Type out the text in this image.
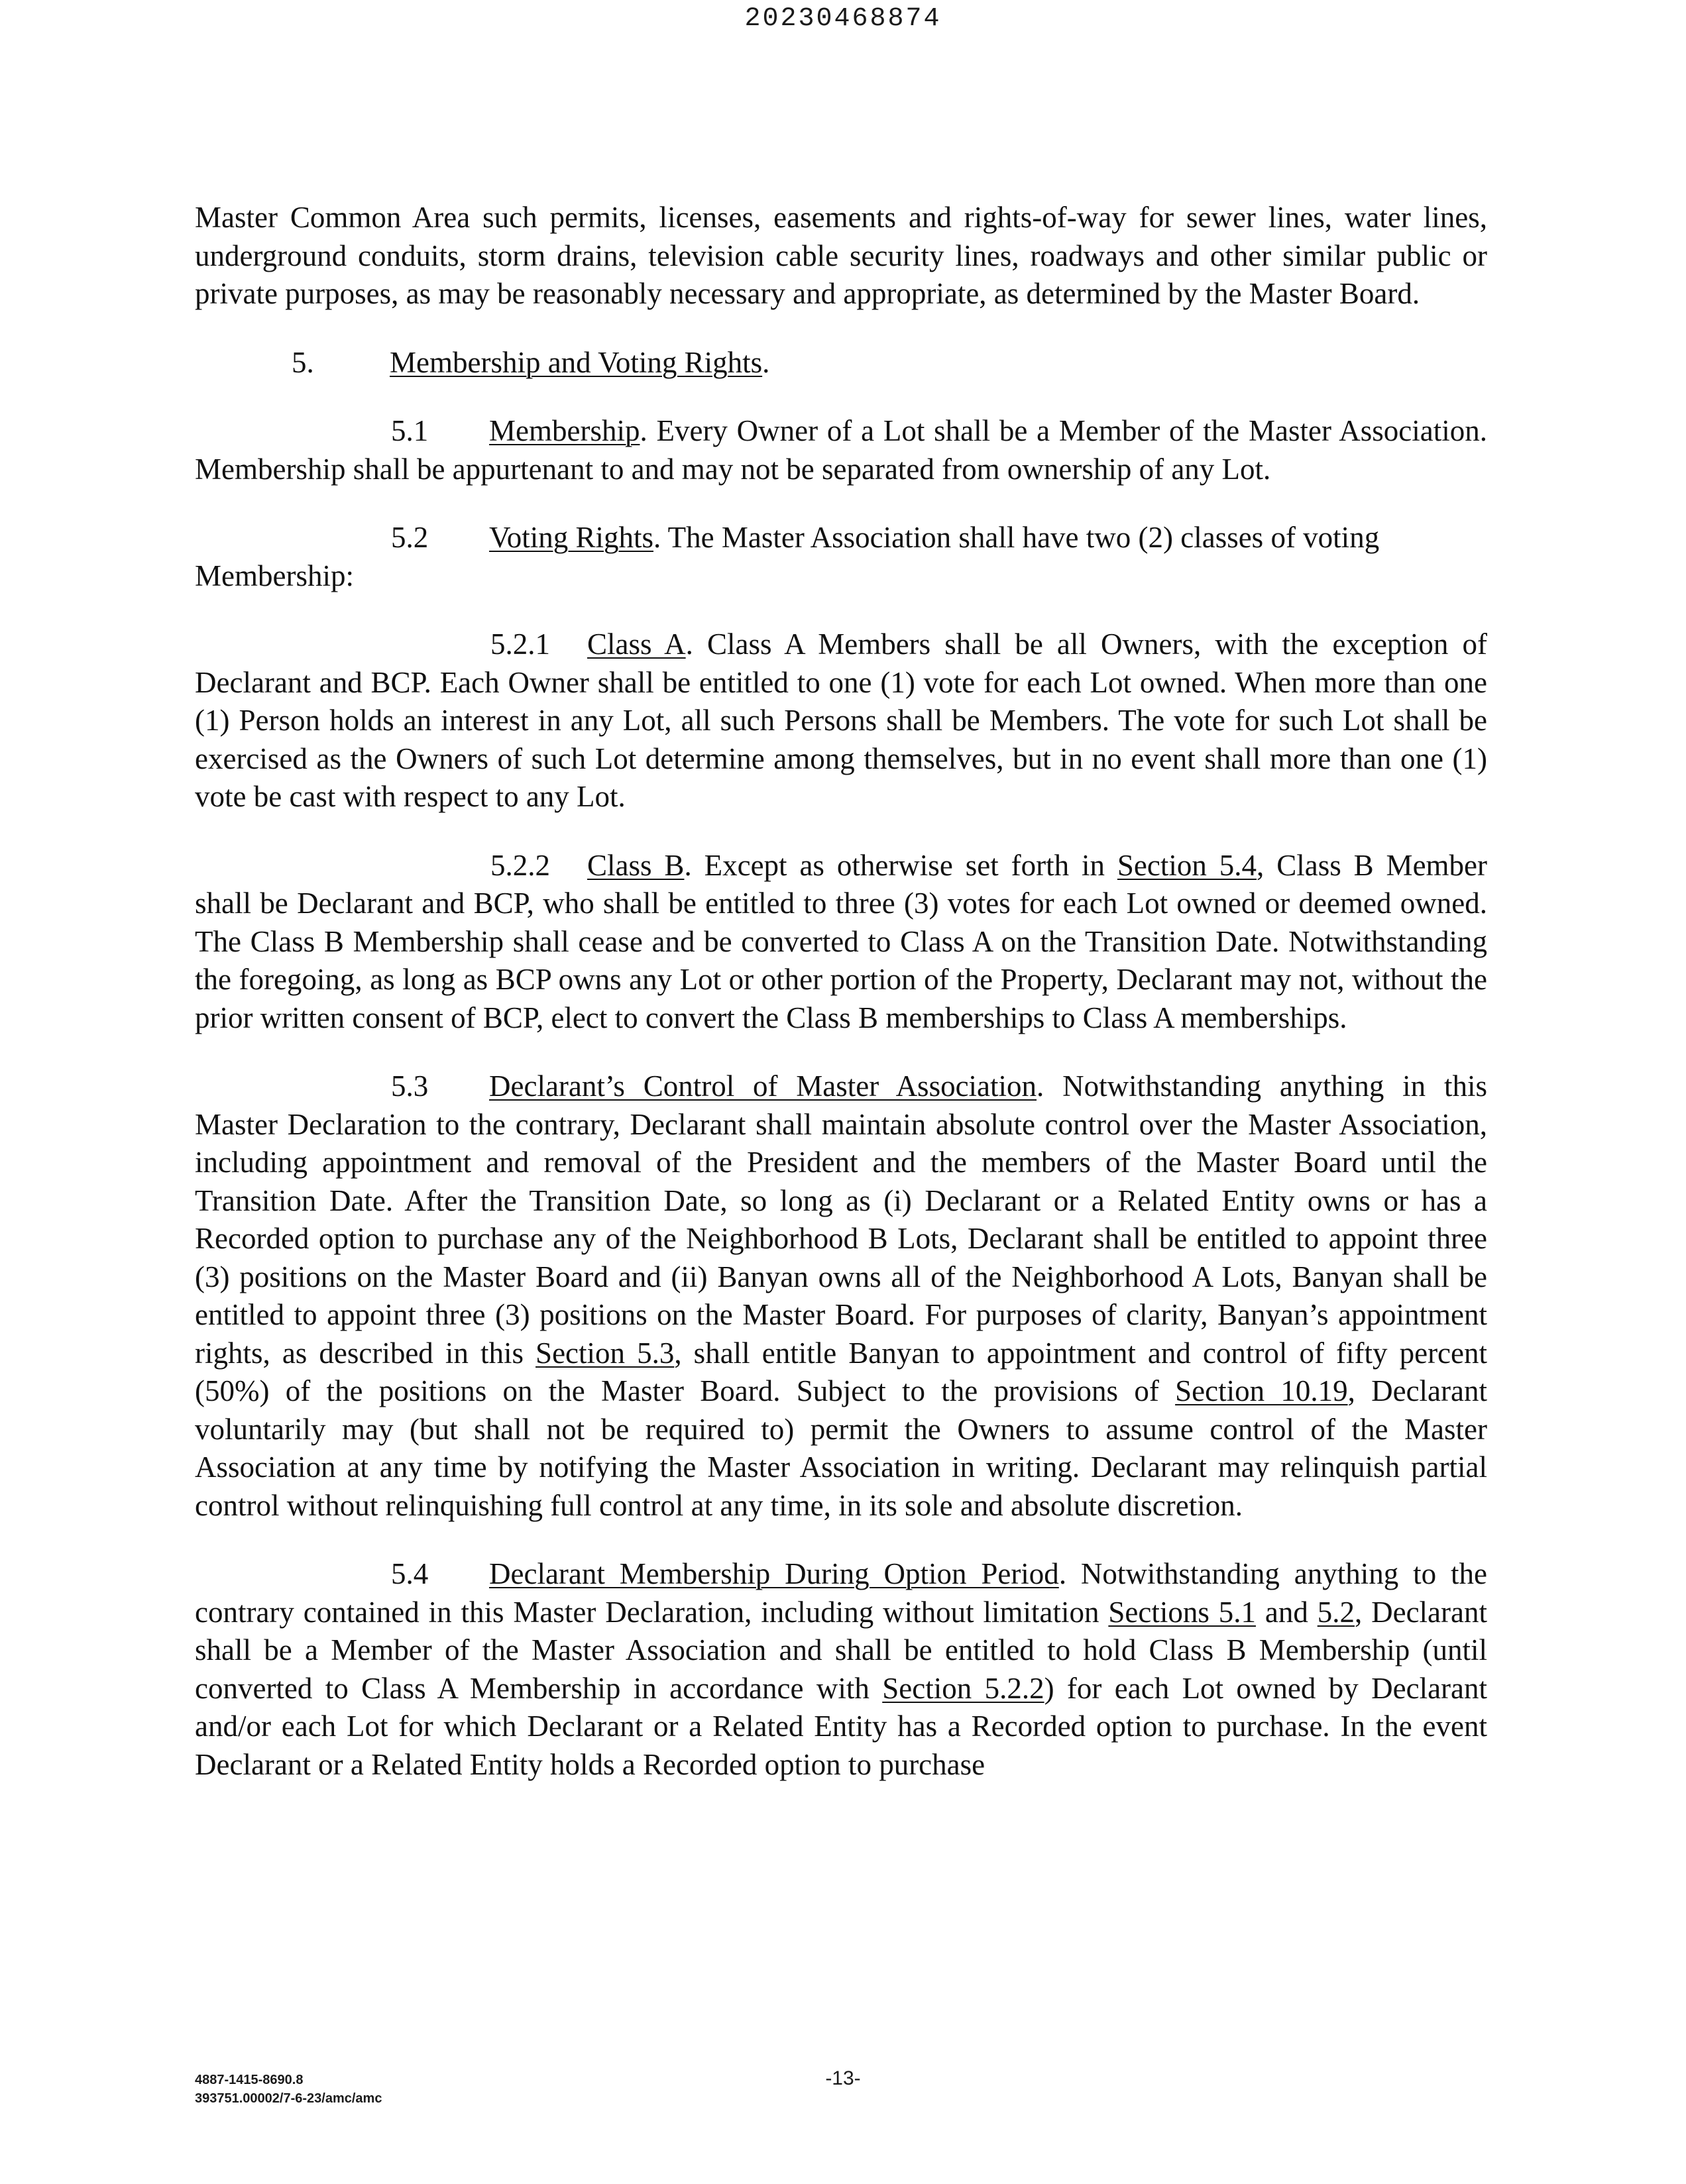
20230468874

Master Common Area such permits, licenses, easements and rights-of-way for sewer lines, water lines, underground conduits, storm drains, television cable security lines, roadways and other similar public or private purposes, as may be reasonably necessary and appropriate, as determined by the Master Board.

5.	Membership and Voting Rights.

5.1 Membership. Every Owner of a Lot shall be a Member of the Master Association. Membership shall be appurtenant to and may not be separated from ownership of any Lot.

5.2 Voting Rights. The Master Association shall have two (2) classes of voting

Membership:

5.2.1 Class A. Class A Members shall be all Owners, with the exception of Declarant and BCP. Each Owner shall be entitled to one (1) vote for each Lot owned. When more than one (1) Person holds an interest in any Lot, all such Persons shall be Members. The vote for such Lot shall be exercised as the Owners of such Lot determine among themselves, but in no event shall more than one (1) vote be cast with respect to any Lot.

5.2.2 Class B. Except as otherwise set forth in Section 5.4, Class B Member shall be Declarant and BCP, who shall be entitled to three (3) votes for each Lot owned or deemed owned. The Class B Membership shall cease and be converted to Class A on the Transition Date. Notwithstanding the foregoing, as long as BCP owns any Lot or other portion of the Property, Declarant may not, without the prior written consent of BCP, elect to convert the Class B memberships to Class A memberships.

5.3 Declarant’s Control of Master Association. Notwithstanding anything in this Master Declaration to the contrary, Declarant shall maintain absolute control over the Master Association, including appointment and removal of the President and the members of the Master Board until the Transition Date. After the Transition Date, so long as (i) Declarant or a Related Entity owns or has a Recorded option to purchase any of the Neighborhood B Lots, Declarant shall be entitled to appoint three (3) positions on the Master Board and (ii) Banyan owns all of the Neighborhood A Lots, Banyan shall be entitled to appoint three (3) positions on the Master Board. For purposes of clarity, Banyan’s appointment rights, as described in this Section 5.3, shall entitle Banyan to appointment and control of fifty percent (50%) of the positions on the Master Board. Subject to the provisions of Section 10.19, Declarant voluntarily may (but shall not be required to) permit the Owners to assume control of the Master Association at any time by notifying the Master Association in writing. Declarant may relinquish partial control without relinquishing full control at any time, in its sole and absolute discretion.

5.4 Declarant Membership During Option Period. Notwithstanding anything to the contrary contained in this Master Declaration, including without limitation Sections 5.1 and 5.2, Declarant shall be a Member of the Master Association and shall be entitled to hold Class B Membership (until converted to Class A Membership in accordance with Section 5.2.2) for each Lot owned by Declarant and/or each Lot for which Declarant or a Related Entity has a Recorded option to purchase. In the event Declarant or a Related Entity holds a Recorded option to purchase

4887-1415-8690.8
393751.00002/7-6-23/amc/amc
-13-
